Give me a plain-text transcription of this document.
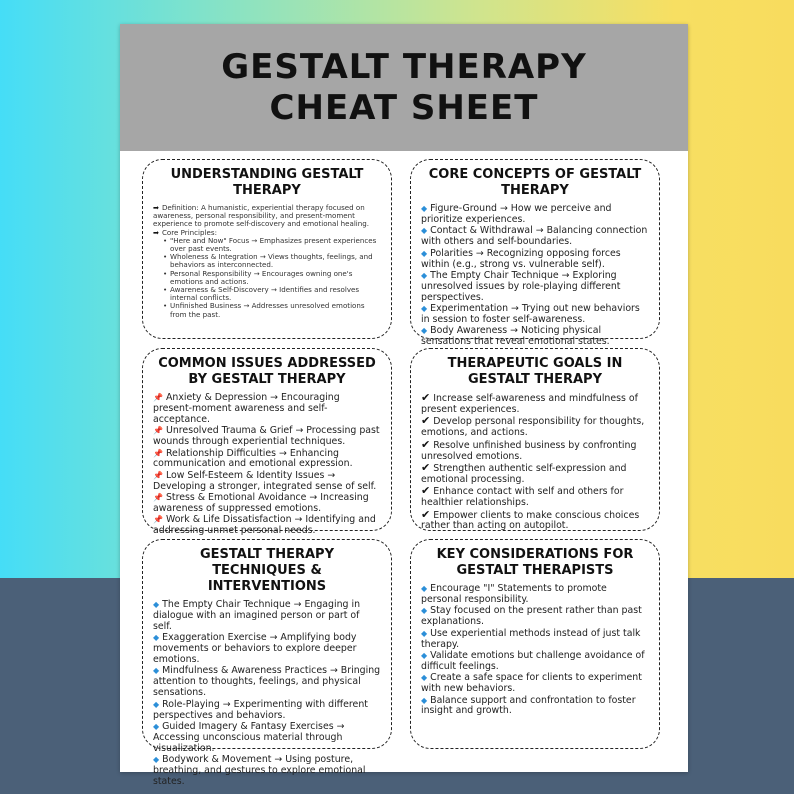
GESTALT THERAPY
CHEAT SHEET
UNDERSTANDING GESTALT THERAPY
➡ Definition: A humanistic, experiential therapy focused on awareness, personal responsibility, and present-moment experience to promote self-discovery and emotional healing.
➡ Core Principles:
• "Here and Now" Focus → Emphasizes present experiences over past events.
• Wholeness & Integration → Views thoughts, feelings, and behaviors as interconnected.
• Personal Responsibility → Encourages owning one's emotions and actions.
• Awareness & Self-Discovery → Identifies and resolves internal conflicts.
• Unfinished Business → Addresses unresolved emotions from the past.
CORE CONCEPTS OF GESTALT THERAPY
◆ Figure-Ground → How we perceive and prioritize experiences.
◆ Contact & Withdrawal → Balancing connection with others and self-boundaries.
◆ Polarities → Recognizing opposing forces within (e.g., strong vs. vulnerable self).
◆ The Empty Chair Technique → Exploring unresolved issues by role-playing different perspectives.
◆ Experimentation → Trying out new behaviors in session to foster self-awareness.
◆ Body Awareness → Noticing physical sensations that reveal emotional states.
COMMON ISSUES ADDRESSED BY GESTALT THERAPY
📌 Anxiety & Depression → Encouraging present-moment awareness and self-acceptance.
📌 Unresolved Trauma & Grief → Processing past wounds through experiential techniques.
📌 Relationship Difficulties → Enhancing communication and emotional expression.
📌 Low Self-Esteem & Identity Issues → Developing a stronger, integrated sense of self.
📌 Stress & Emotional Avoidance → Increasing awareness of suppressed emotions.
📌 Work & Life Dissatisfaction → Identifying and addressing unmet personal needs.
THERAPEUTIC GOALS IN GESTALT THERAPY
✔ Increase self-awareness and mindfulness of present experiences.
✔ Develop personal responsibility for thoughts, emotions, and actions.
✔ Resolve unfinished business by confronting unresolved emotions.
✔ Strengthen authentic self-expression and emotional processing.
✔ Enhance contact with self and others for healthier relationships.
✔ Empower clients to make conscious choices rather than acting on autopilot.
GESTALT THERAPY TECHNIQUES & INTERVENTIONS
◆ The Empty Chair Technique → Engaging in dialogue with an imagined person or part of self.
◆ Exaggeration Exercise → Amplifying body movements or behaviors to explore deeper emotions.
◆ Mindfulness & Awareness Practices → Bringing attention to thoughts, feelings, and physical sensations.
◆ Role-Playing → Experimenting with different perspectives and behaviors.
◆ Guided Imagery & Fantasy Exercises → Accessing unconscious material through visualization.
◆ Bodywork & Movement → Using posture, breathing, and gestures to explore emotional states.
KEY CONSIDERATIONS FOR GESTALT THERAPISTS
◆ Encourage "I" Statements to promote personal responsibility.
◆ Stay focused on the present rather than past explanations.
◆ Use experiential methods instead of just talk therapy.
◆ Validate emotions but challenge avoidance of difficult feelings.
◆ Create a safe space for clients to experiment with new behaviors.
◆ Balance support and confrontation to foster insight and growth.
